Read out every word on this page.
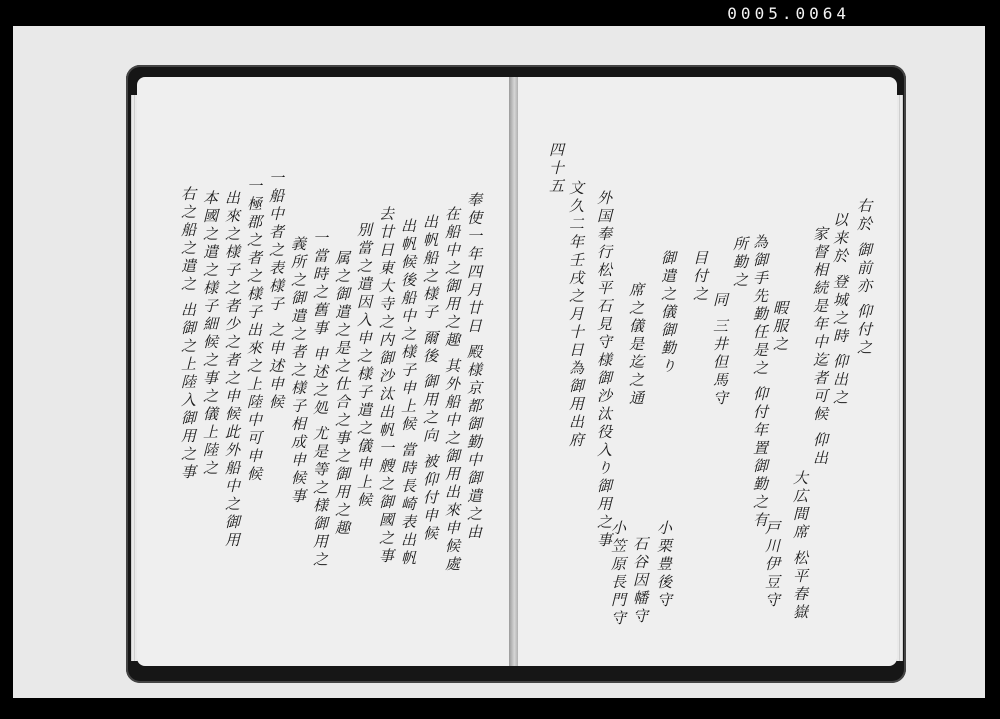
0005.0064
右於 御前亦 仰付之
以来於 登城之時 仰出之
家督相続是年中迄者可候 仰出
大広間席 松平春嶽
暇服之
為御手先勤任是之 仰付年置御勤之有
戸川伊豆守
所勤之
同 三井但馬守
小栗豊後守
目付之
石谷因幡守
小笠原長門守
御遣之儀御勤り
席之儀是迄之通
外国奉行松平石見守様御沙汰役入り御用之事
文久二年壬戌之月十日為御用出府
四十五
奉使一年四月廿日 殿様京都御勤中御遣之由
在船中之御用之趣 其外船中之御用出來申候處
出帆船之様子 爾後 御用之向 被仰付申候
出帆候後船中之様子申上候 當時長崎表出帆
去廿日東大寺之内御沙汰出帆一艘之御國之事
別當之遣因入申之様子遣之儀申上候
属之御遣之是之仕合之事之御用之趣
一當時之舊事 申述之処 尤是等之様御用之
義所之御遣之者之様子相成申候事
一船中者之表様子 之申述申候
一極郡之者之様子出來之上陸中可申候
出來之様子之者少之者之申候此外船中之御用
本國之遣之様子細候之事之儀上陸之
右之船之遣之 出御之上陸入御用之事
